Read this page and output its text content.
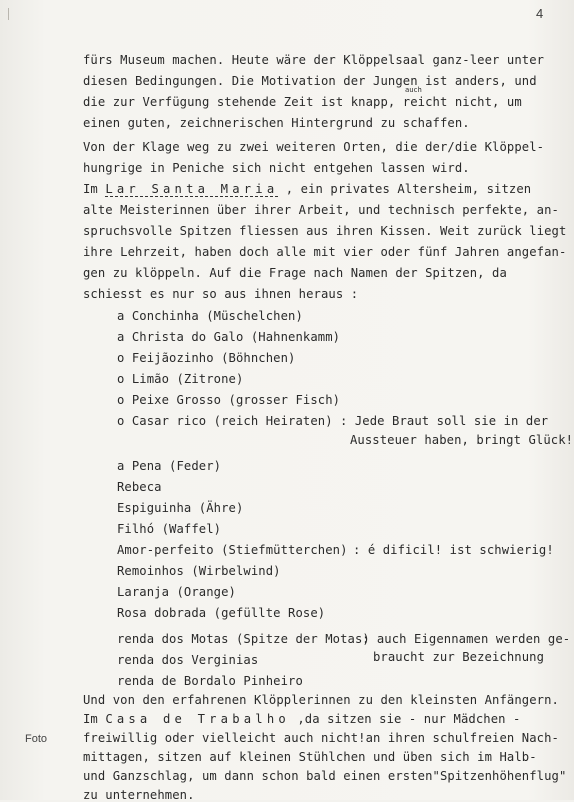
4
fürs Museum machen. Heute wäre der Klöppelsaal ganz-leer unter
diesen Bedingungen. Die Motivation der Jungen ist anders, und
auch
die zur Verfügung stehende Zeit ist knapp, reicht nicht, um
einen guten, zeichnerischen Hintergrund zu schaffen.
Von der Klage weg zu zwei weiteren Orten, die der/die Klöppel-
hungrige in Peniche sich nicht entgehen lassen wird.
Im Lar Santa Maria , ein privates Altersheim, sitzen
alte Meisterinnen über ihrer Arbeit, und technisch perfekte, an-
spruchsvolle Spitzen fliessen aus ihren Kissen. Weit zurück liegt
ihre Lehrzeit, haben doch alle mit vier oder fünf Jahren angefan-
gen zu klöppeln. Auf die Frage nach Namen der Spitzen, da
schiesst es nur so aus ihnen heraus :
a Conchinha (Müschelchen)
a Christa do Galo (Hahnenkamm)
o Feijãozinho (Böhnchen)
o Limão (Zitrone)
o Peixe Grosso (grosser Fisch)
o Casar rico (reich Heiraten) : Jede Braut soll sie in der
Aussteuer haben, bringt Glück!
a Pena (Feder)
Rebeca
Espiguinha (Ähre)
Filhó (Waffel)
Amor-perfeito (Stiefmütterchen) : é dificil! ist schwierig!
Remoinhos (Wirbelwind)
Laranja (Orange)
Rosa dobrada (gefüllte Rose)
renda dos Motas (Spitze der Motas)
renda dos Verginias
renda de Bordalo Pinheiro
: auch Eigennamen werden ge-
braucht zur Bezeichnung
Foto
Und von den erfahrenen Klöpplerinnen zu den kleinsten Anfängern.
Im Casa de Trabalho ,da sitzen sie - nur Mädchen -
freiwillig oder vielleicht auch nicht!an ihren schulfreien Nach-
mittagen, sitzen auf kleinen Stühlchen und üben sich im Halb-
und Ganzschlag, um dann schon bald einen ersten"Spitzenhöhenflug"
zu unternehmen.
